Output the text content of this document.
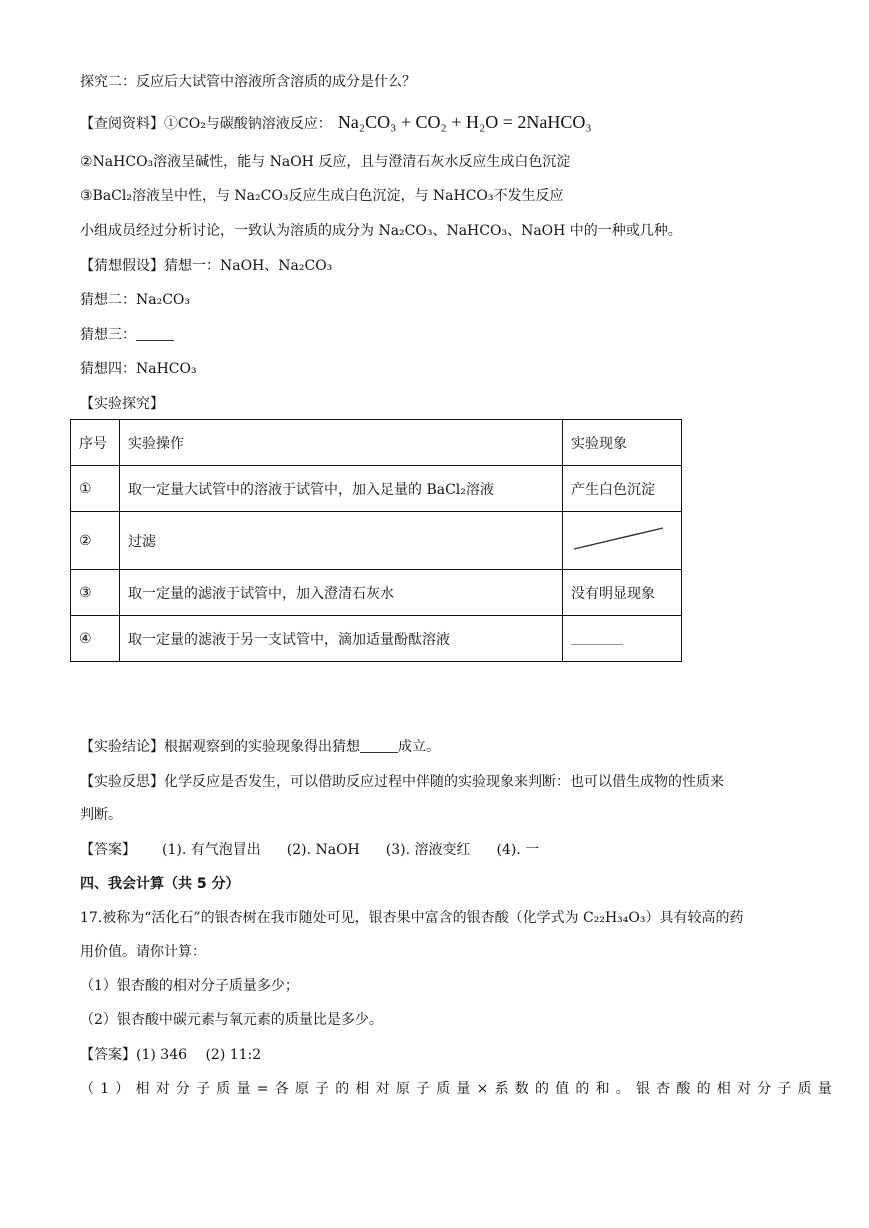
探究二：反应后大试管中溶液所含溶质的成分是什么？
【查阅资料】①CO₂与碳酸钠溶液反应： Na₂CO₃ + CO₂ + H₂O = 2NaHCO₃
②NaHCO₃溶液呈碱性，能与 NaOH 反应，且与澄清石灰水反应生成白色沉淀
③BaCl₂溶液呈中性，与 Na₂CO₃反应生成白色沉淀，与 NaHCO₃不发生反应
小组成员经过分析讨论，一致认为溶质的成分为 Na₂CO₃、NaHCO₃、NaOH 中的一种或几种。
【猜想假设】猜想一：NaOH、Na₂CO₃
猜想二：Na₂CO₃
猜想三：
猜想四：NaHCO₃
【实验探究】
序号	实验操作	实验现象
①	取一定量大试管中的溶液于试管中，加入足量的 BaCl₂溶液	产生白色沉淀
②	过滤	
③	取一定量的滤液于试管中，加入澄清石灰水	没有明显现象
④	取一定量的滤液于另一支试管中，滴加适量酚酞溶液	
【实验结论】根据观察到的实验现象得出猜想	成立。
【实验反思】化学反应是否发生，可以借助反应过程中伴随的实验现象来判断：也可以借生成物的性质来
判断。
【答案】 (1). 有气泡冒出 (2). NaOH (3). 溶液变红 (4). 一
四、我会计算（共 5 分）
17.被称为“活化石”的银杏树在我市随处可见，银杏果中富含的银杏酸（化学式为 C₂₂H₃₄O₃）具有较高的药
用价值。请你计算：
（1）银杏酸的相对分子质量多少；
（2）银杏酸中碳元素与氧元素的质量比是多少。
【答案】(1) 346　 (2) 11:2
（1）相对分子质量=各原子的相对原子质量×系数的值的和。银杏酸的相对分子质量
